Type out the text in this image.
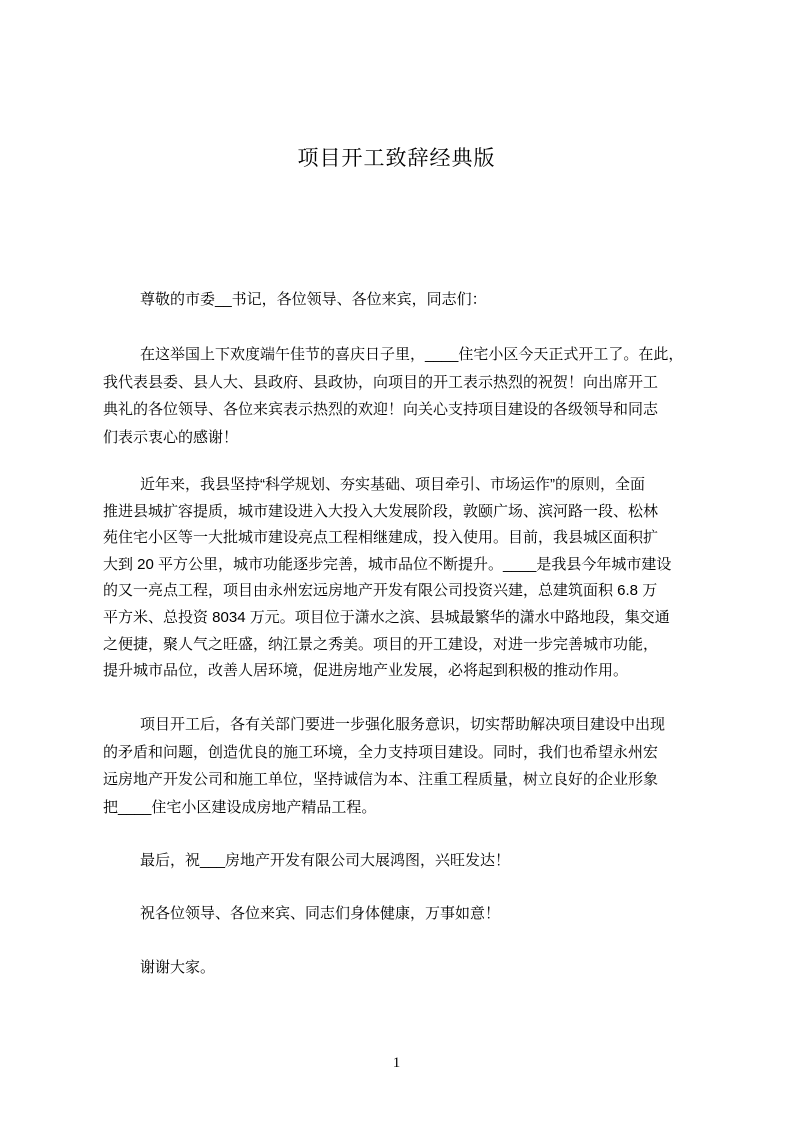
项目开工致辞经典版
尊敬的市委__书记，各位领导、各位来宾，同志们：
在这举国上下欢度端午佳节的喜庆日子里，____住宅小区今天正式开工了。在此，
我代表县委、县人大、县政府、县政协，向项目的开工表示热烈的祝贺！向出席开工
典礼的各位领导、各位来宾表示热烈的欢迎！向关心支持项目建设的各级领导和同志
们表示衷心的感谢！
近年来，我县坚持“科学规划、夯实基础、项目牵引、市场运作”的原则，全面
推进县城扩容提质，城市建设进入大投入大发展阶段，敦颐广场、滨河路一段、松林
苑住宅小区等一大批城市建设亮点工程相继建成，投入使用。目前，我县城区面积扩
大到 20 平方公里，城市功能逐步完善，城市品位不断提升。____是我县今年城市建设
的又一亮点工程，项目由永州宏远房地产开发有限公司投资兴建，总建筑面积 6.8 万
平方米、总投资 8034 万元。项目位于潇水之滨、县城最繁华的潇水中路地段，集交通
之便捷，聚人气之旺盛，纳江景之秀美。项目的开工建设，对进一步完善城市功能，
提升城市品位，改善人居环境，促进房地产业发展，必将起到积极的推动作用。
项目开工后，各有关部门要进一步强化服务意识，切实帮助解决项目建设中出现
的矛盾和问题，创造优良的施工环境，全力支持项目建设。同时，我们也希望永州宏
远房地产开发公司和施工单位，坚持诚信为本、注重工程质量，树立良好的企业形象
把____住宅小区建设成房地产精品工程。
最后，祝___房地产开发有限公司大展鸿图，兴旺发达！
祝各位领导、各位来宾、同志们身体健康，万事如意！
谢谢大家。
1
